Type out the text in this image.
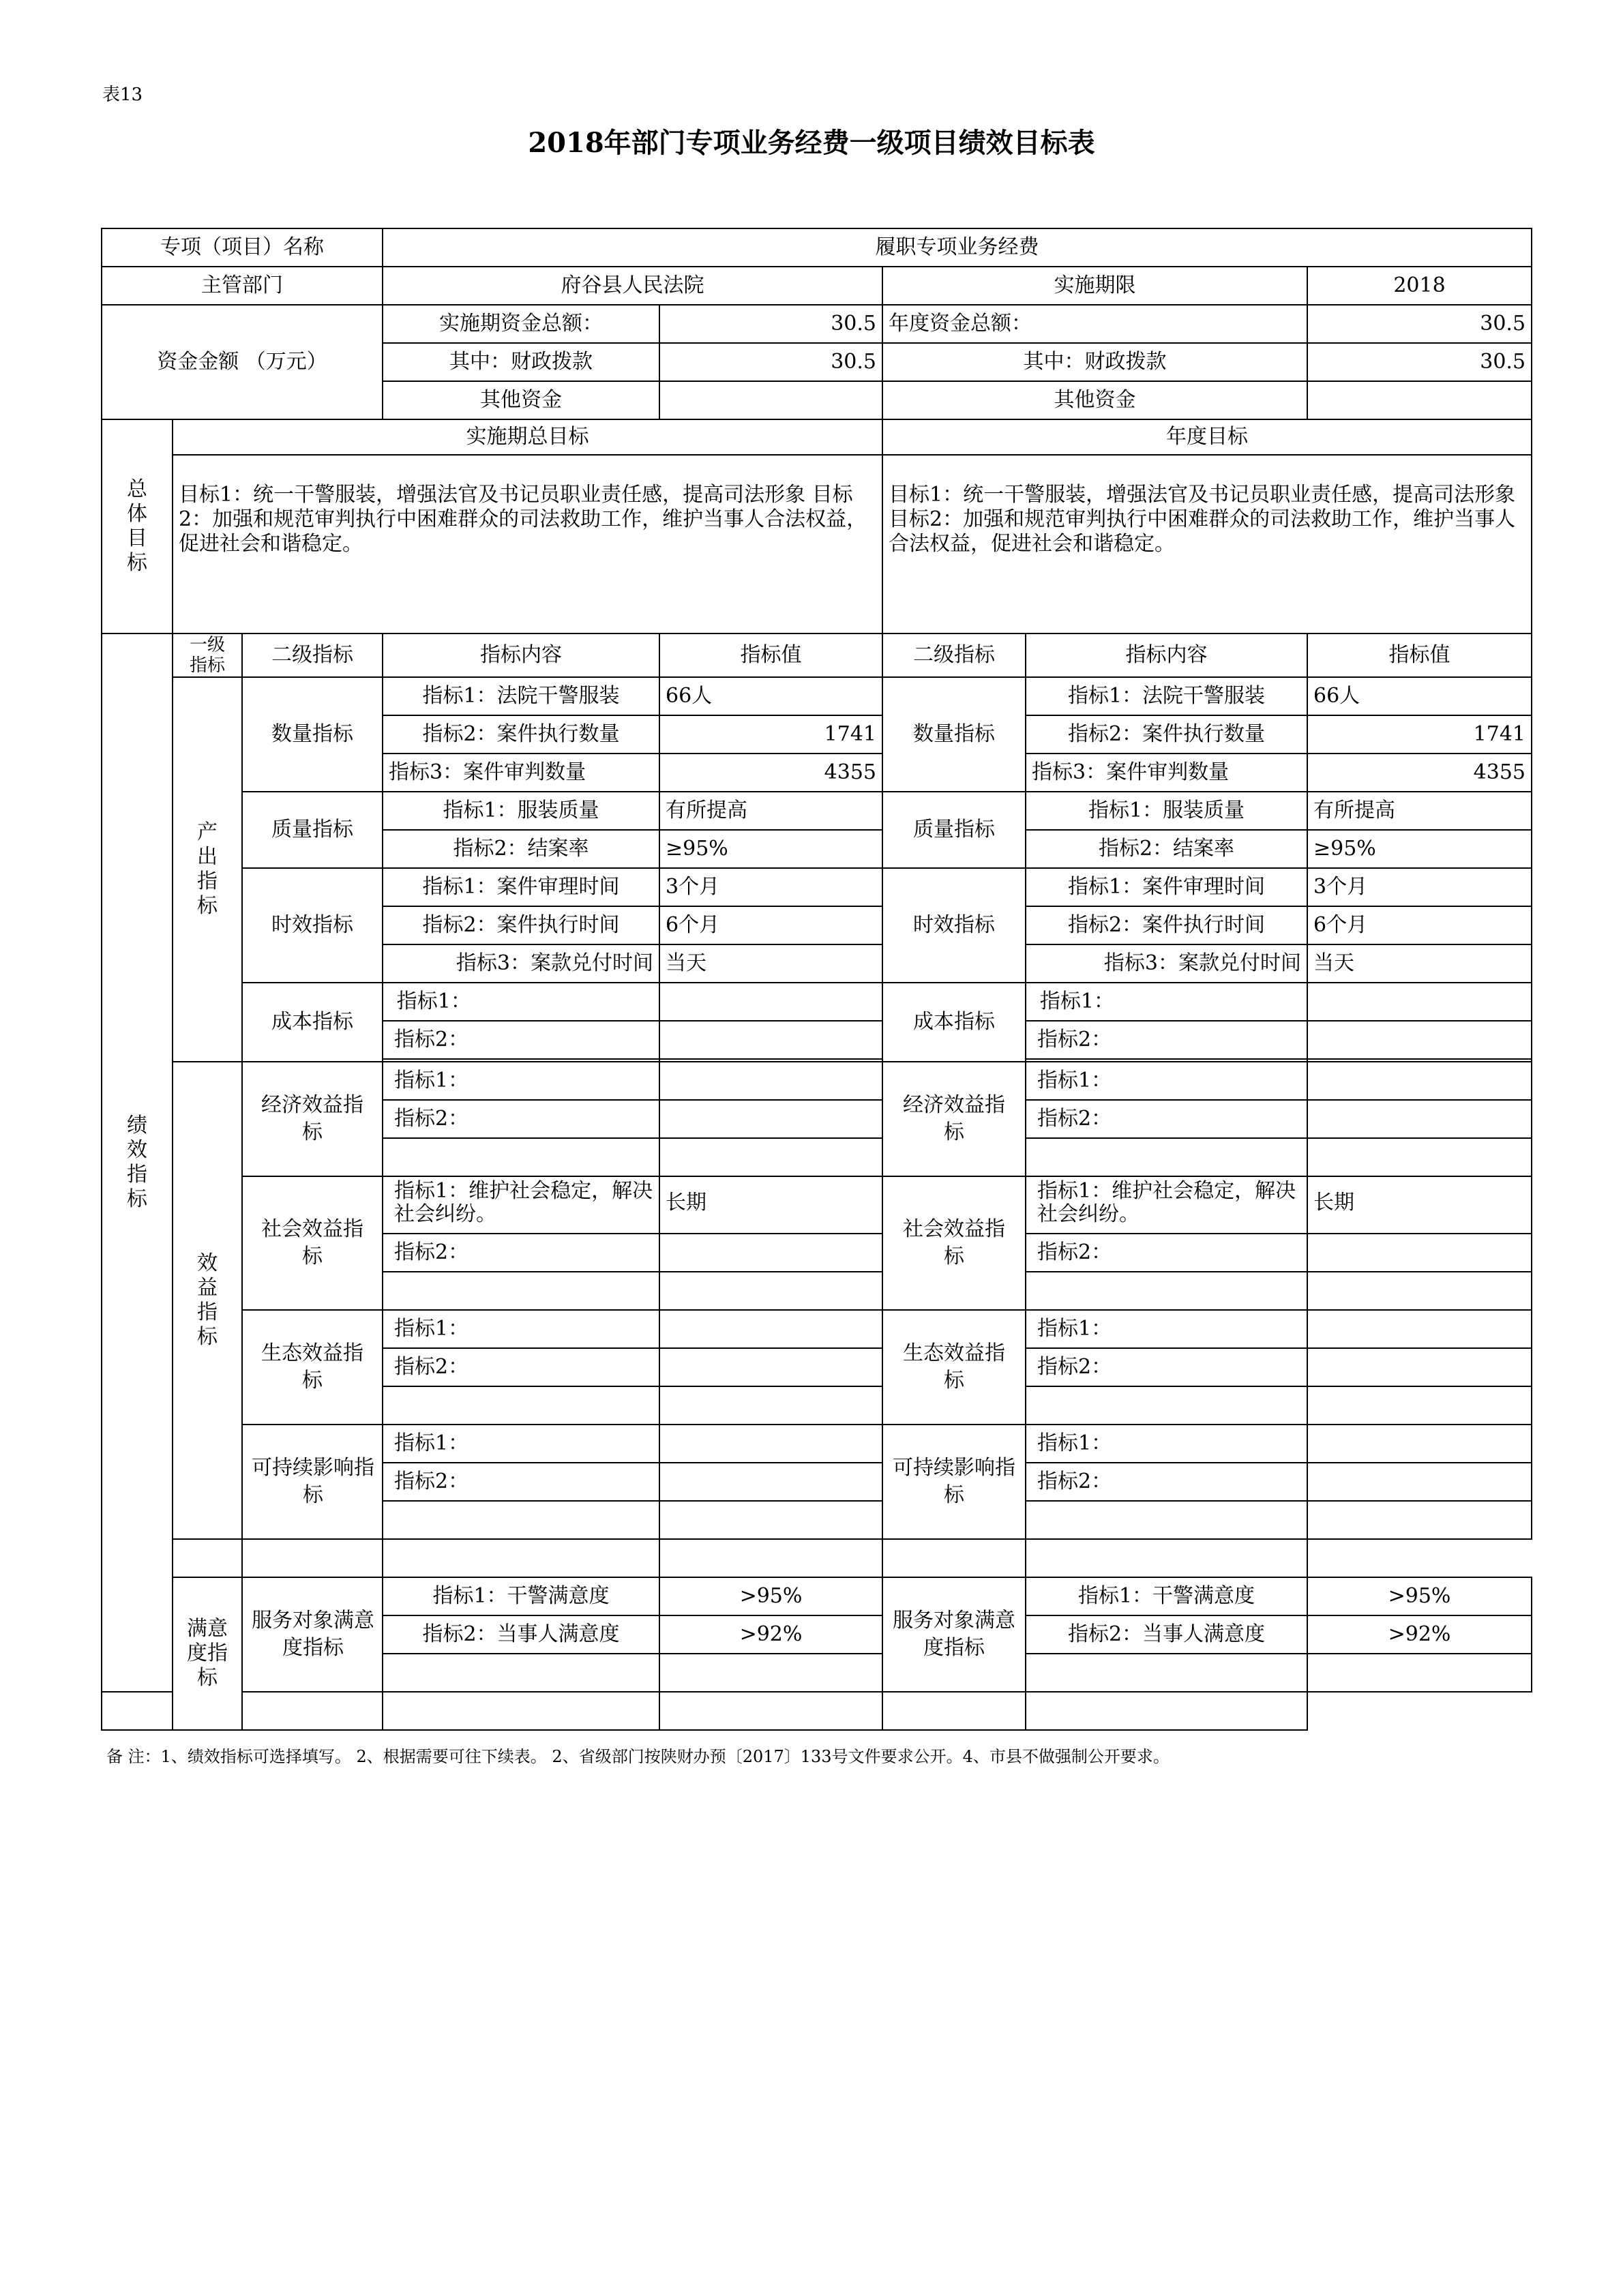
表13
2018年部门专项业务经费一级项目绩效目标表
专项（项目）名称			履职专项业务经费				
主管部门			府谷县人民法院		实施期限		2018
资金金额 （万元）			实施期资金总额：	30.5	年度资金总额：		30.5
			其中：财政拨款	30.5	其中：财政拨款		30.5
			其他资金		其他资金		

总体目标	实施期总目标				年度目标		
	目标1：统一干警服装，增强法官及书记员职业责任感，提高司法形象 目标2：加强和规范审判执行中困难群众的司法救助工作，维护当事人合法权益，促进社会和谐稳定。				目标1：统一干警服装，增强法官及书记员职业责任感，提高司法形象 目标2：加强和规范审判执行中困难群众的司法救助工作，维护当事人合法权益，促进社会和谐稳定。		

绩效指标	一级指标	二级指标	指标内容	指标值	二级指标	指标内容	指标值

	产出指标	数量指标	指标1：法院干警服装	66人	数量指标	指标1：法院干警服装	66人
			指标2：案件执行数量	1741		指标2：案件执行数量	1741
			指标3：案件审判数量	4355		指标3：案件审判数量	4355
		质量指标	指标1：服装质量	有所提高	质量指标	指标1：服装质量	有所提高
			指标2：结案率	≥95%		指标2：结案率	≥95%
		时效指标	指标1：案件审理时间	3个月	时效指标	指标1：案件审理时间	3个月
			指标2：案件执行时间	6个月		指标2：案件执行时间	6个月
			指标3：案款兑付时间	当天		指标3：案款兑付时间	当天
		成本指标	指标1：		成本指标	指标1：	
			指标2：			指标2：	

	效益指标	经济效益指标	指标1：		经济效益指标	指标1：	
			指标2：			指标2：	

		社会效益指标	指标1：维护社会稳定，解决社会纠纷。	长期	社会效益指标	指标1：维护社会稳定，解决社会纠纷。	长期
			指标2：			指标2：	

		生态效益指标	指标1：		生态效益指标	指标1：	
			指标2：			指标2：	

		可持续影响指标	指标1：		可持续影响指标	指标1：	
			指标2：			指标2：	

	满意度指标	服务对象满意度指标	指标1：干警满意度	>95%	服务对象满意度指标	指标1：干警满意度	>95%
			指标2：当事人满意度	>92%		指标2：当事人满意度	>92%

备 注：1、绩效指标可选择填写。 2、根据需要可往下续表。 2、省级部门按陕财办预〔2017〕133号文件要求公开。4、市县不做强制公开要求。
